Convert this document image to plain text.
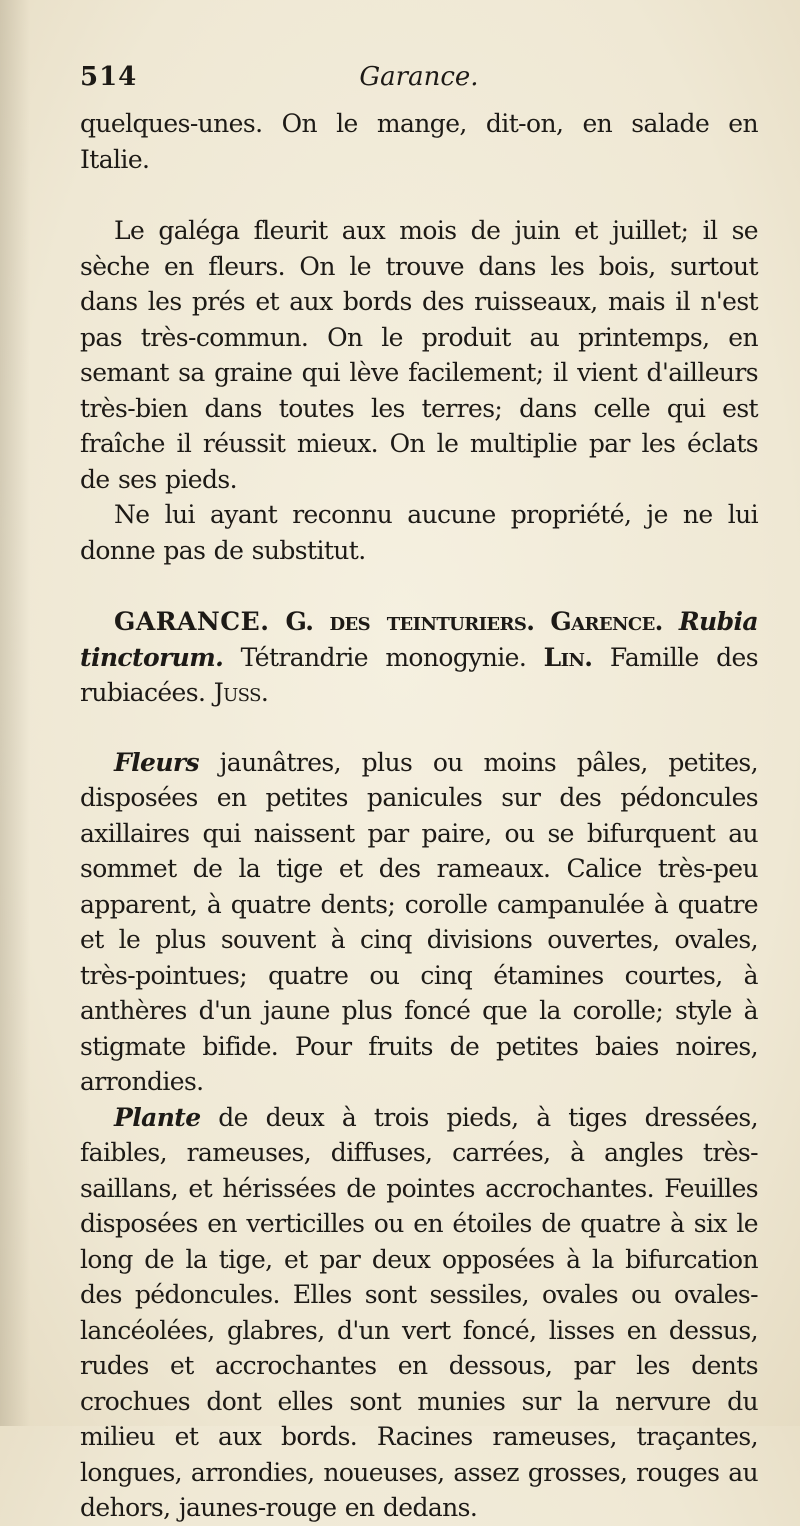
514	Garance.

quelques-unes. On le mange, dit-on, en salade en Italie.

Le galéga fleurit aux mois de juin et juillet; il se sèche en fleurs. On le trouve dans les bois, surtout dans les prés et aux bords des ruisseaux, mais il n'est pas très-commun. On le produit au printemps, en semant sa graine qui lève facilement; il vient d'ailleurs très-bien dans toutes les terres; dans celle qui est fraîche il réussit mieux. On le multiplie par les éclats de ses pieds.

Ne lui ayant reconnu aucune propriété, je ne lui donne pas de substitut.

GARANCE. G. des teinturiers. Garence. Rubia tinctorum. Tétrandrie monogynie. Lin. Famille des rubiacées. Juss.

Fleurs jaunâtres, plus ou moins pâles, petites, disposées en petites panicules sur des pédoncules axillaires qui naissent par paire, ou se bifurquent au sommet de la tige et des rameaux. Calice très-peu apparent, à quatre dents; corolle campanulée à quatre et le plus souvent à cinq divisions ouvertes, ovales, très-pointues; quatre ou cinq étamines courtes, à anthères d'un jaune plus foncé que la corolle; style à stigmate bifide. Pour fruits de petites baies noires, arrondies.

Plante de deux à trois pieds, à tiges dressées, faibles, rameuses, diffuses, carrées, à angles très-saillans, et hérissées de pointes accrochantes. Feuilles disposées en verticilles ou en étoiles de quatre à six le long de la tige, et par deux opposées à la bifurcation des pédoncules. Elles sont sessiles, ovales ou ovales-lancéolées, glabres, d'un vert foncé, lisses en dessus, rudes et accrochantes en dessous, par les dents crochues dont elles sont munies sur la nervure du milieu et aux bords. Racines rameuses, traçantes, longues, arrondies, noueuses, assez grosses, rouges au dehors, jaunes-rouge en dedans.
